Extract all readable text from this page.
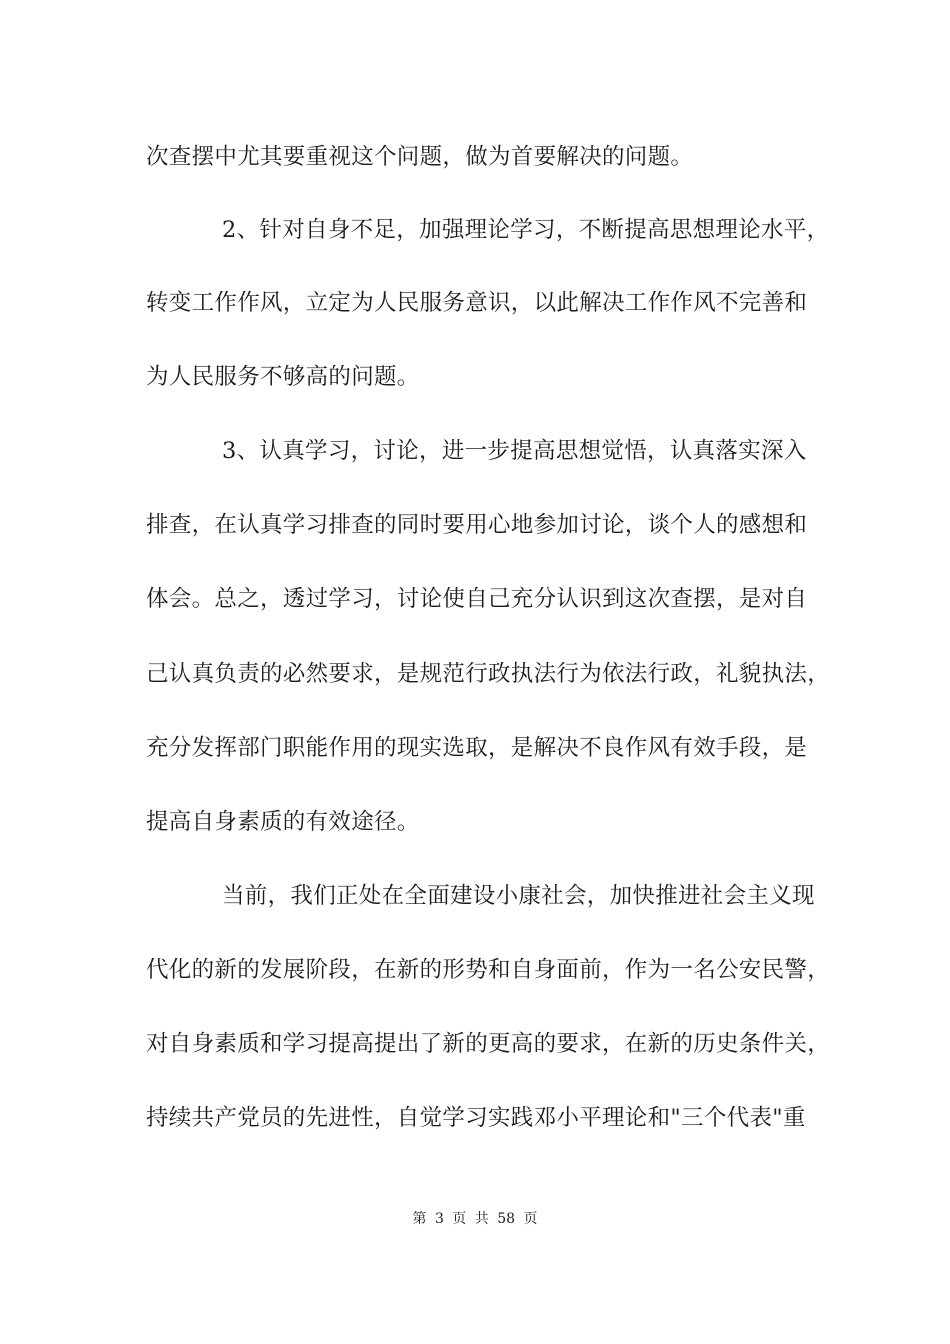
次查摆中尤其要重视这个问题，做为首要解决的问题。
2、针对自身不足，加强理论学习，不断提高思想理论水平，
转变工作作风，立定为人民服务意识，以此解决工作作风不完善和
为人民服务不够高的问题。
3、认真学习，讨论，进一步提高思想觉悟，认真落实深入
排查，在认真学习排查的同时要用心地参加讨论，谈个人的感想和
体会。总之，透过学习，讨论使自己充分认识到这次查摆，是对自
己认真负责的必然要求，是规范行政执法行为依法行政，礼貌执法，
充分发挥部门职能作用的现实选取，是解决不良作风有效手段，是
提高自身素质的有效途径。
当前，我们正处在全面建设小康社会，加快推进社会主义现
代化的新的发展阶段，在新的形势和自身面前，作为一名公安民警，
对自身素质和学习提高提出了新的更高的要求，在新的历史条件关，
持续共产党员的先进性，自觉学习实践邓小平理论和"三个代表"重
第 3 页 共 58 页
